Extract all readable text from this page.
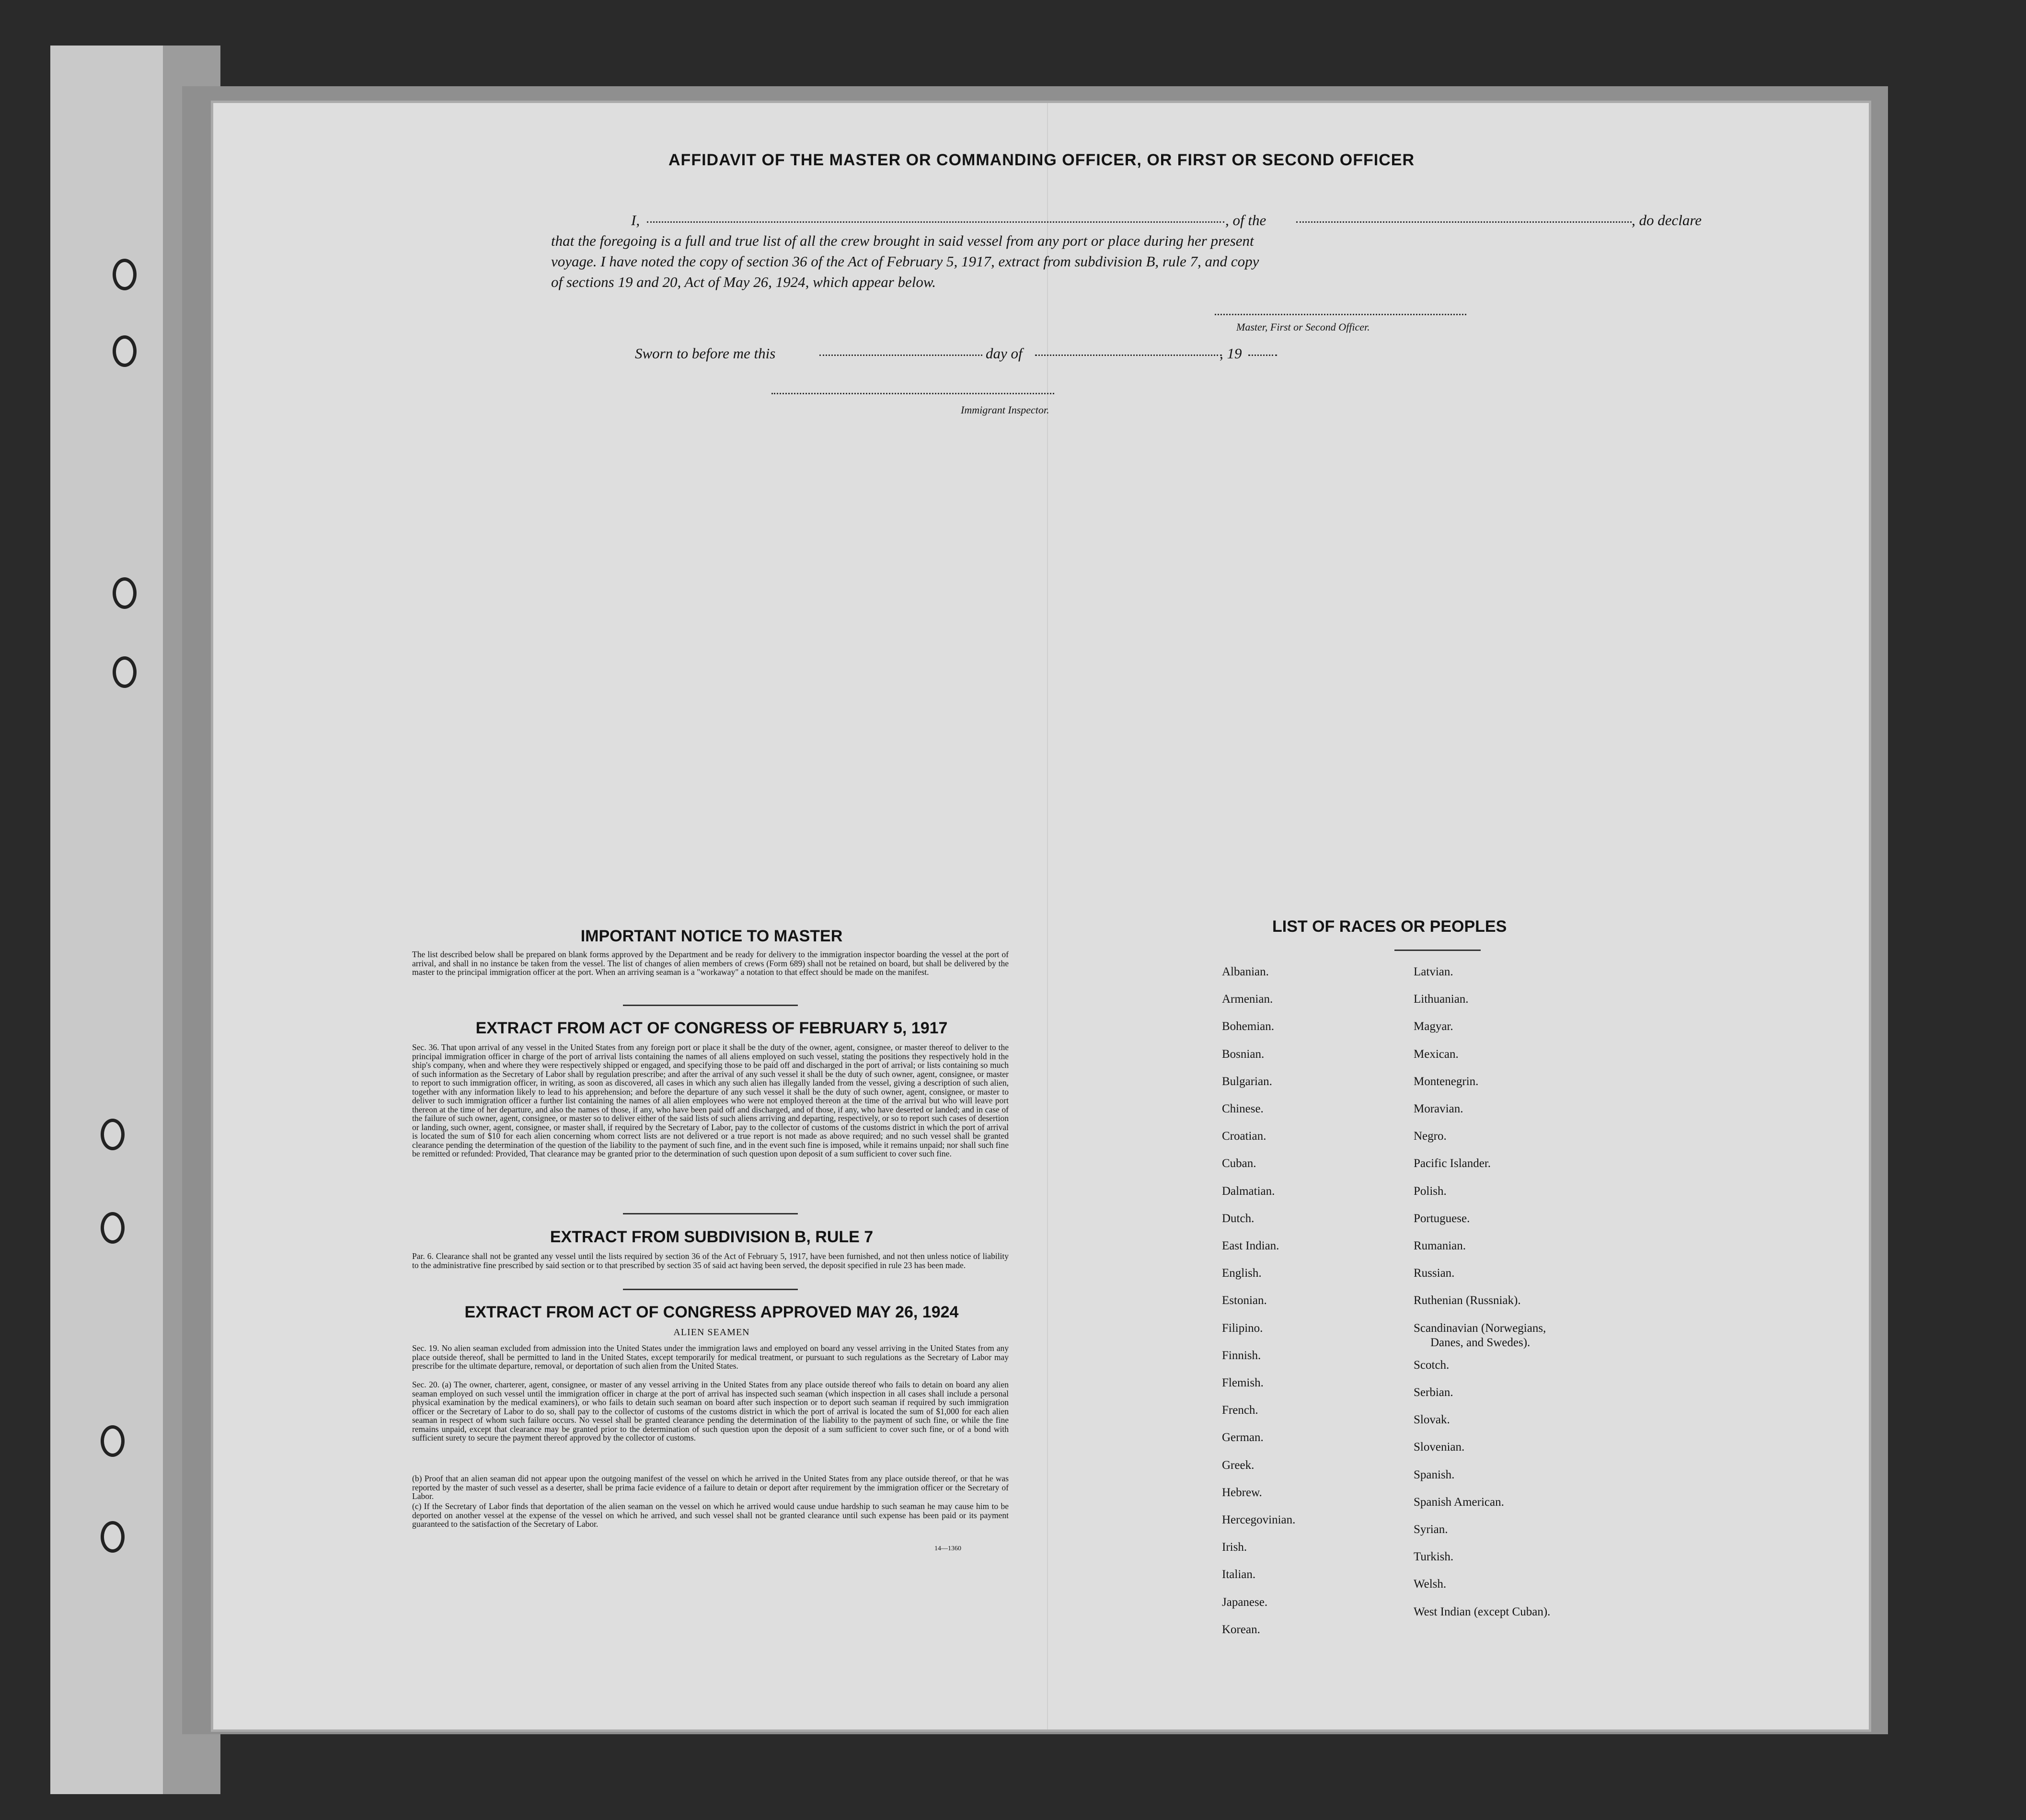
AFFIDAVIT OF THE MASTER OR COMMANDING OFFICER, OR FIRST OR SECOND OFFICER
I,	, of the	, do declare
that the foregoing is a full and true list of all the crew brought in said vessel from any port or place during her present
voyage. I have noted the copy of section 36 of the Act of February 5, 1917, extract from subdivision B, rule 7, and copy
of sections 19 and 20, Act of May 26, 1924, which appear below.
Master, First or Second Officer.
Sworn to before me this	day of	, 19
Immigrant Inspector.
IMPORTANT NOTICE TO MASTER
The list described below shall be prepared on blank forms approved by the Department and be ready for delivery to the immigration inspector boarding the vessel at the port of arrival, and shall in no instance be taken from the vessel. The list of changes of alien members of crews (Form 689) shall not be retained on board, but shall be delivered by the master to the principal immigration officer at the port. When an arriving seaman is a "workaway" a notation to that effect should be made on the manifest.
EXTRACT FROM ACT OF CONGRESS OF FEBRUARY 5, 1917
Sec. 36. That upon arrival of any vessel in the United States from any foreign port or place it shall be the duty of the owner, agent, consignee, or master thereof to deliver to the principal immigration officer in charge of the port of arrival lists containing the names of all aliens employed on such vessel, stating the positions they respectively hold in the ship's company, when and where they were respectively shipped or engaged, and specifying those to be paid off and discharged in the port of arrival; or lists containing so much of such information as the Secretary of Labor shall by regulation prescribe; and after the arrival of any such vessel it shall be the duty of such owner, agent, consignee, or master to report to such immigration officer, in writing, as soon as discovered, all cases in which any such alien has illegally landed from the vessel, giving a description of such alien, together with any information likely to lead to his apprehension; and before the departure of any such vessel it shall be the duty of such owner, agent, consignee, or master to deliver to such immigration officer a further list containing the names of all alien employees who were not employed thereon at the time of the arrival but who will leave port thereon at the time of her departure, and also the names of those, if any, who have been paid off and discharged, and of those, if any, who have deserted or landed; and in case of the failure of such owner, agent, consignee, or master so to deliver either of the said lists of such aliens arriving and departing, respectively, or so to report such cases of desertion or landing, such owner, agent, consignee, or master shall, if required by the Secretary of Labor, pay to the collector of customs of the customs district in which the port of arrival is located the sum of $10 for each alien concerning whom correct lists are not delivered or a true report is not made as above required; and no such vessel shall be granted clearance pending the determination of the question of the liability to the payment of such fine, and in the event such fine is imposed, while it remains unpaid; nor shall such fine be remitted or refunded: Provided, That clearance may be granted prior to the determination of such question upon deposit of a sum sufficient to cover such fine.
EXTRACT FROM SUBDIVISION B, RULE 7
Par. 6. Clearance shall not be granted any vessel until the lists required by section 36 of the Act of February 5, 1917, have been furnished, and not then unless notice of liability to the administrative fine prescribed by said section or to that prescribed by section 35 of said act having been served, the deposit specified in rule 23 has been made.
EXTRACT FROM ACT OF CONGRESS APPROVED MAY 26, 1924
ALIEN SEAMEN
Sec. 19. No alien seaman excluded from admission into the United States under the immigration laws and employed on board any vessel arriving in the United States from any place outside thereof, shall be permitted to land in the United States, except temporarily for medical treatment, or pursuant to such regulations as the Secretary of Labor may prescribe for the ultimate departure, removal, or deportation of such alien from the United States.
Sec. 20. (a) The owner, charterer, agent, consignee, or master of any vessel arriving in the United States from any place outside thereof who fails to detain on board any alien seaman employed on such vessel until the immigration officer in charge at the port of arrival has inspected such seaman (which inspection in all cases shall include a personal physical examination by the medical examiners), or who fails to detain such seaman on board after such inspection or to deport such seaman if required by such immigration officer or the Secretary of Labor to do so, shall pay to the collector of customs of the customs district in which the port of arrival is located the sum of $1,000 for each alien seaman in respect of whom such failure occurs. No vessel shall be granted clearance pending the determination of the liability to the payment of such fine, or while the fine remains unpaid, except that clearance may be granted prior to the determination of such question upon the deposit of a sum sufficient to cover such fine, or of a bond with sufficient surety to secure the payment thereof approved by the collector of customs.
(b) Proof that an alien seaman did not appear upon the outgoing manifest of the vessel on which he arrived in the United States from any place outside thereof, or that he was reported by the master of such vessel as a deserter, shall be prima facie evidence of a failure to detain or deport after requirement by the immigration officer or the Secretary of Labor.
(c) If the Secretary of Labor finds that deportation of the alien seaman on the vessel on which he arrived would cause undue hardship to such seaman he may cause him to be deported on another vessel at the expense of the vessel on which he arrived, and such vessel shall not be granted clearance until such expense has been paid or its payment guaranteed to the satisfaction of the Secretary of Labor.
14—1360
LIST OF RACES OR PEOPLES
Albanian.
Armenian.
Bohemian.
Bosnian.
Bulgarian.
Chinese.
Croatian.
Cuban.
Dalmatian.
Dutch.
East Indian.
English.
Estonian.
Filipino.
Finnish.
Flemish.
French.
German.
Greek.
Hebrew.
Hercegovinian.
Irish.
Italian.
Japanese.
Korean.
Latvian.
Lithuanian.
Magyar.
Mexican.
Montenegrin.
Moravian.
Negro.
Pacific Islander.
Polish.
Portuguese.
Rumanian.
Russian.
Ruthenian (Russniak).
Scandinavian (Norwegians,
Danes, and Swedes).
Scotch.
Serbian.
Slovak.
Slovenian.
Spanish.
Spanish American.
Syrian.
Turkish.
Welsh.
West Indian (except Cuban).
